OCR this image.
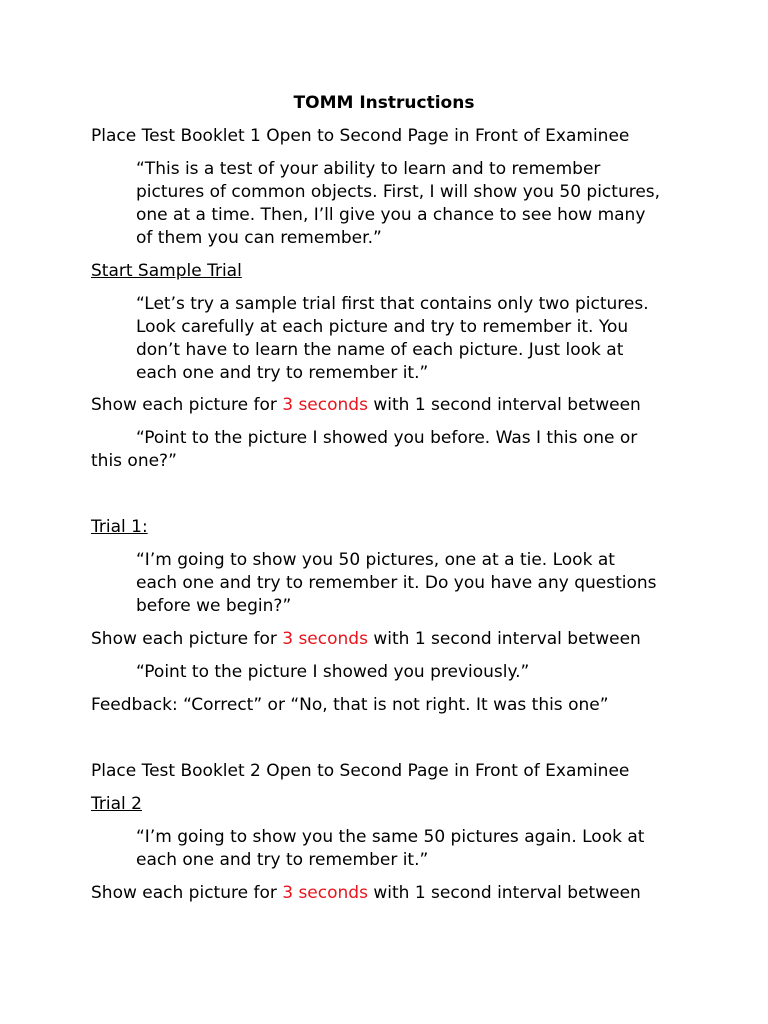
TOMM Instructions

Place Test Booklet 1 Open to Second Page in Front of Examinee

“This is a test of your ability to learn and to remember
pictures of common objects. First, I will show you 50 pictures,
one at a time. Then, I’ll give you a chance to see how many
of them you can remember.”

Start Sample Trial

“Let’s try a sample trial first that contains only two pictures.
Look carefully at each picture and try to remember it. You
don’t have to learn the name of each picture. Just look at
each one and try to remember it.”

Show each picture for 3 seconds with 1 second interval between

“Point to the picture I showed you before. Was I this one or
this one?”

Trial 1:

“I’m going to show you 50 pictures, one at a tie. Look at
each one and try to remember it. Do you have any questions
before we begin?”

Show each picture for 3 seconds with 1 second interval between

“Point to the picture I showed you previously.”

Feedback: “Correct” or “No, that is not right. It was this one”

Place Test Booklet 2 Open to Second Page in Front of Examinee

Trial 2

“I’m going to show you the same 50 pictures again. Look at
each one and try to remember it.”

Show each picture for 3 seconds with 1 second interval between
